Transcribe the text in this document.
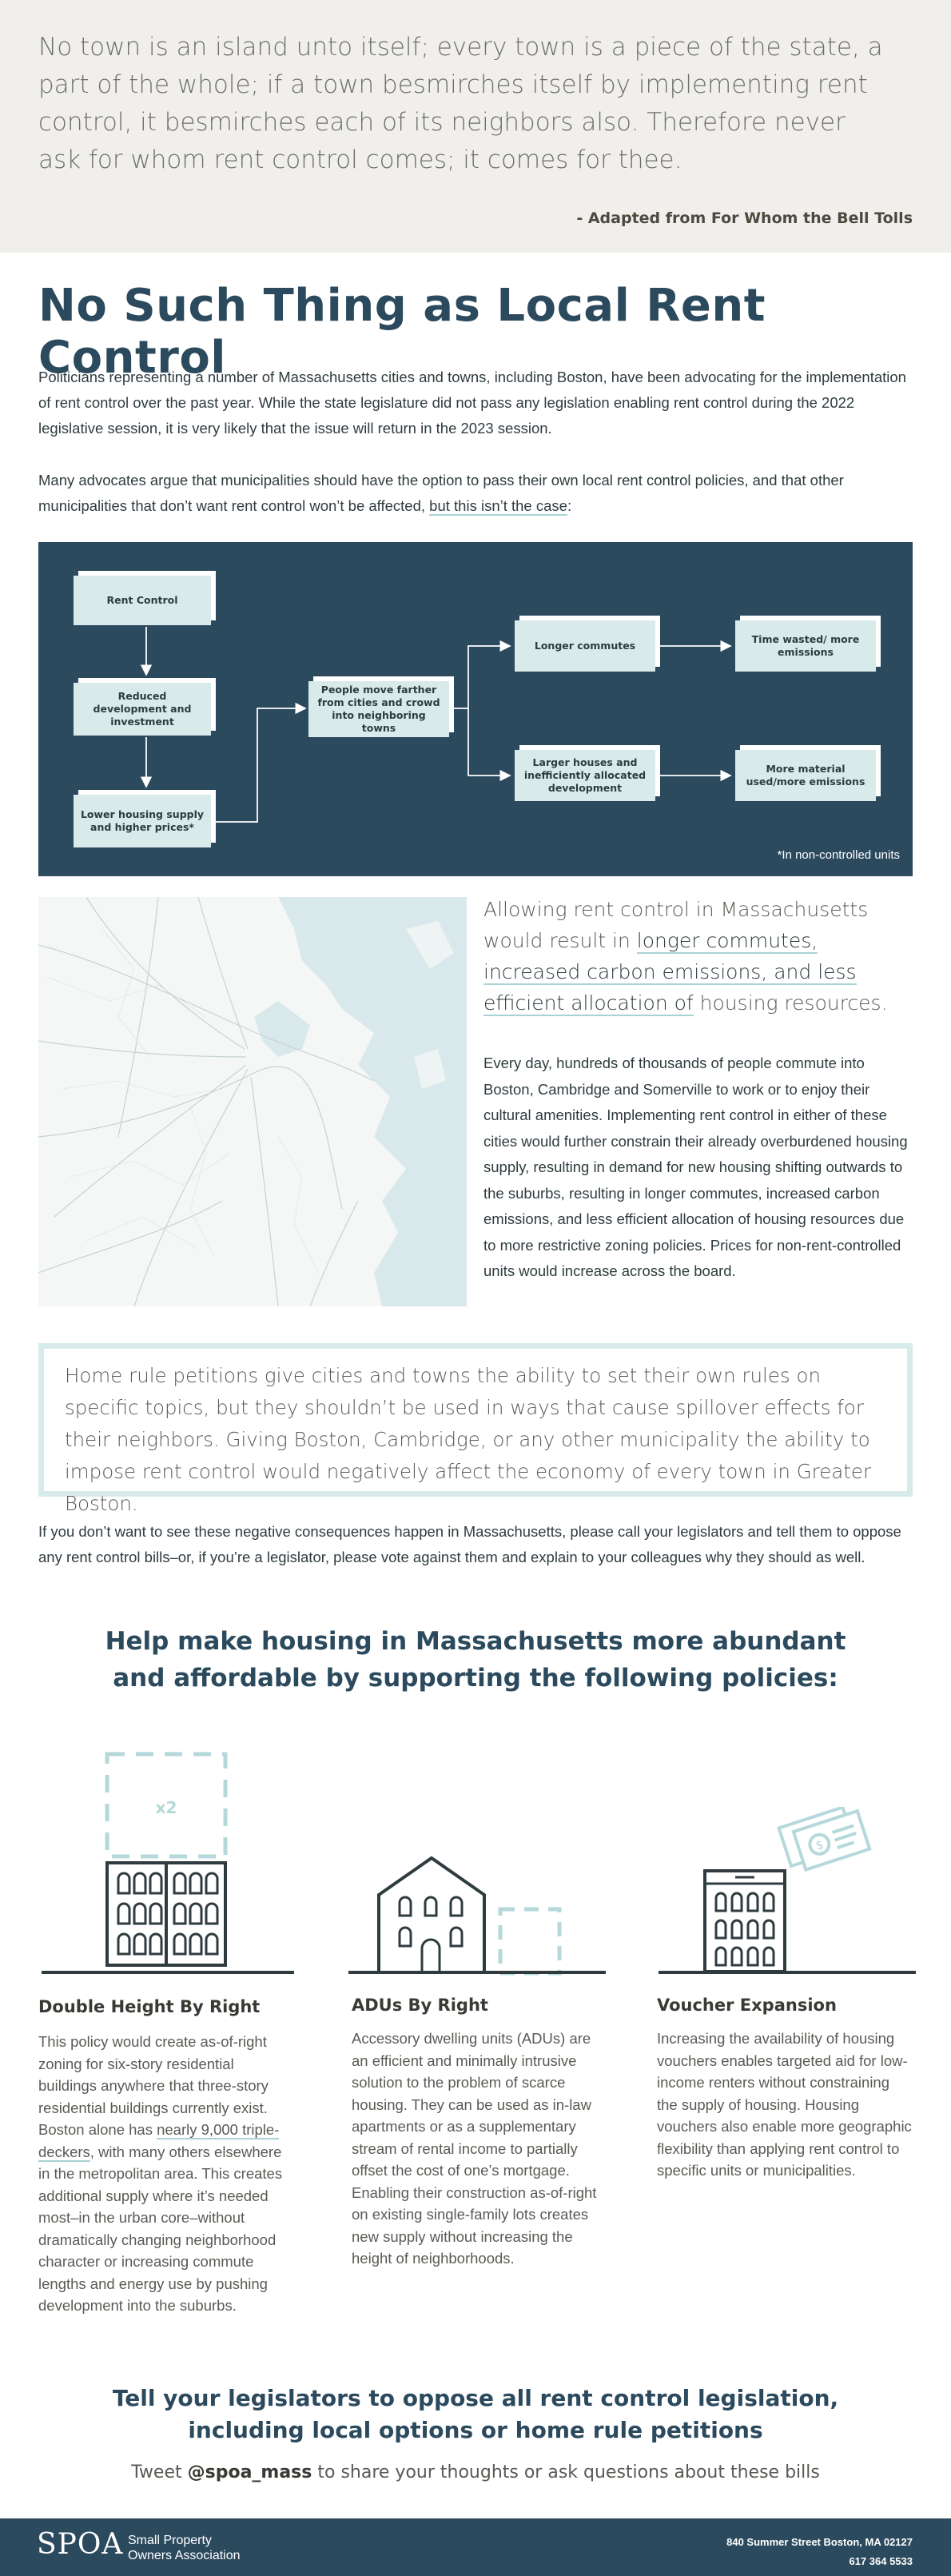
No town is an island unto itself; every town is a piece of the state, a part of the whole; if a town besmirches itself by implementing rent control, it besmirches each of its neighbors also. Therefore never ask for whom rent control comes; it comes for thee.

- Adapted from For Whom the Bell Tolls

No Such Thing as Local Rent Control

Politicians representing a number of Massachusetts cities and towns, including Boston, have been advocating for the implementation of rent control over the past year. While the state legislature did not pass any legislation enabling rent control during the 2022 legislative session, it is very likely that the issue will return in the 2023 session.

Many advocates argue that municipalities should have the option to pass their own local rent control policies, and that other municipalities that don’t want rent control won’t be affected, but this isn’t the case:

Rent Control
Reduced development and investment
Lower housing supply and higher prices*
People move farther from cities and crowd into neighboring towns
Longer commutes
Larger houses and inefficiently allocated development
Time wasted/ more emissions
More material used/more emissions
*In non-controlled units

Allowing rent control in Massachusetts would result in longer commutes, increased carbon emissions, and less efficient allocation of housing resources.

Every day, hundreds of thousands of people commute into Boston, Cambridge and Somerville to work or to enjoy their cultural amenities. Implementing rent control in either of these cities would further constrain their already overburdened housing supply, resulting in demand for new housing shifting outwards to the suburbs, resulting in longer commutes, increased carbon emissions, and less efficient allocation of housing resources due to more restrictive zoning policies. Prices for non-rent-controlled units would increase across the board.

Home rule petitions give cities and towns the ability to set their own rules on specific topics, but they shouldn’t be used in ways that cause spillover effects for their neighbors. Giving Boston, Cambridge, or any other municipality the ability to impose rent control would negatively affect the economy of every town in Greater Boston.

If you don’t want to see these negative consequences happen in Massachusetts, please call your legislators and tell them to oppose any rent control bills–or, if you’re a legislator, please vote against them and explain to your colleagues why they should as well.

Help make housing in Massachusetts more abundant and affordable by supporting the following policies:
x2
Double Height By Right

This policy would create as-of-right zoning for six-story residential buildings anywhere that three-story residential buildings currently exist. Boston alone has nearly 9,000 triple-deckers, with many others elsewhere in the metropolitan area. This creates additional supply where it’s needed most–in the urban core–without dramatically changing neighborhood character or increasing commute lengths and energy use by pushing development into the suburbs.

ADUs By Right

Accessory dwelling units (ADUs) are an efficient and minimally intrusive solution to the problem of scarce housing. They can be used as in-law apartments or as a supplementary stream of rental income to partially offset the cost of one’s mortgage. Enabling their construction as-of-right on existing single-family lots creates new supply without increasing the height of neighborhoods.

$
Voucher Expansion

Increasing the availability of housing vouchers enables targeted aid for low-income renters without constraining the supply of housing. Housing vouchers also enable more geographic flexibility than applying rent control to specific units or municipalities.

Tell your legislators to oppose all rent control legislation, including local options or home rule petitions

Tweet @spoa_mass to share your thoughts or ask questions about these bills

SPOA Small Property
Owners Association
840 Summer Street Boston, MA 02127
617 364 5533
